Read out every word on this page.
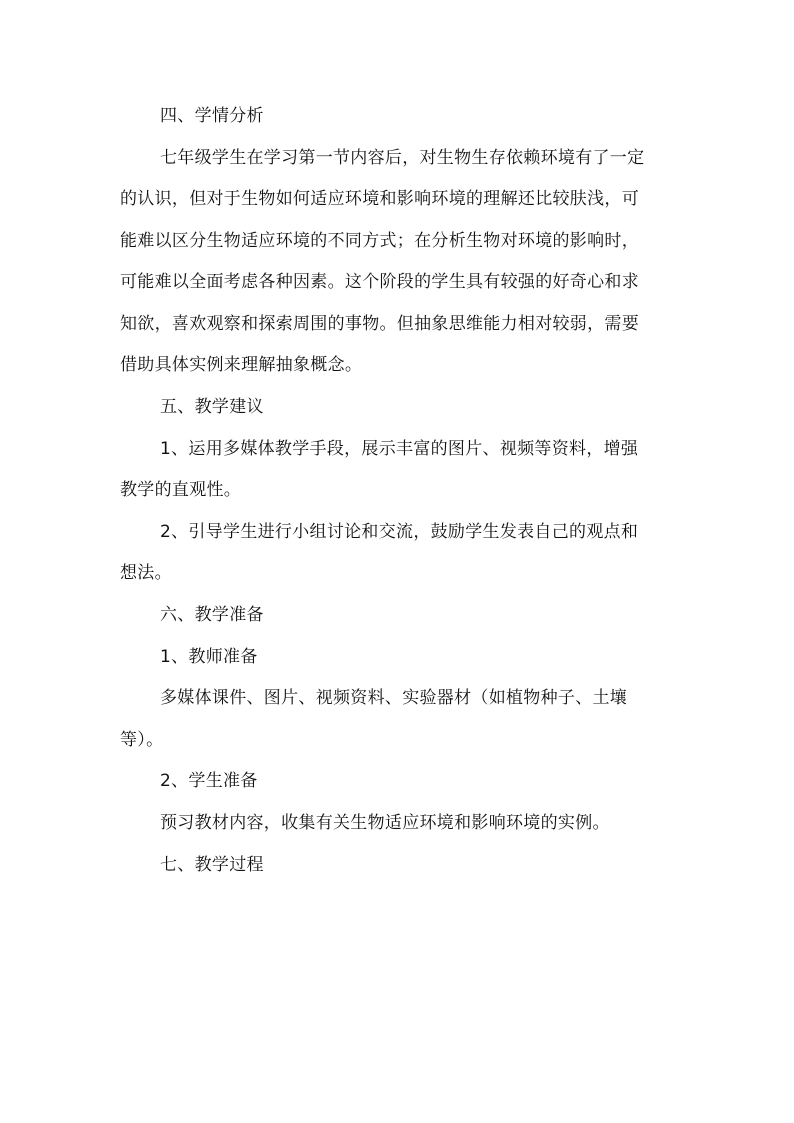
四、学情分析
七年级学生在学习第一节内容后，对生物生存依赖环境有了一定
的认识，但对于生物如何适应环境和影响环境的理解还比较肤浅，可
能难以区分生物适应环境的不同方式；在分析生物对环境的影响时，
可能难以全面考虑各种因素。这个阶段的学生具有较强的好奇心和求
知欲，喜欢观察和探索周围的事物。但抽象思维能力相对较弱，需要
借助具体实例来理解抽象概念。
五、教学建议
1、运用多媒体教学手段，展示丰富的图片、视频等资料，增强
教学的直观性。
2、引导学生进行小组讨论和交流，鼓励学生发表自己的观点和
想法。
六、教学准备
1、教师准备
多媒体课件、图片、视频资料、实验器材（如植物种子、土壤
等）。
2、学生准备
预习教材内容，收集有关生物适应环境和影响环境的实例。
七、教学过程
